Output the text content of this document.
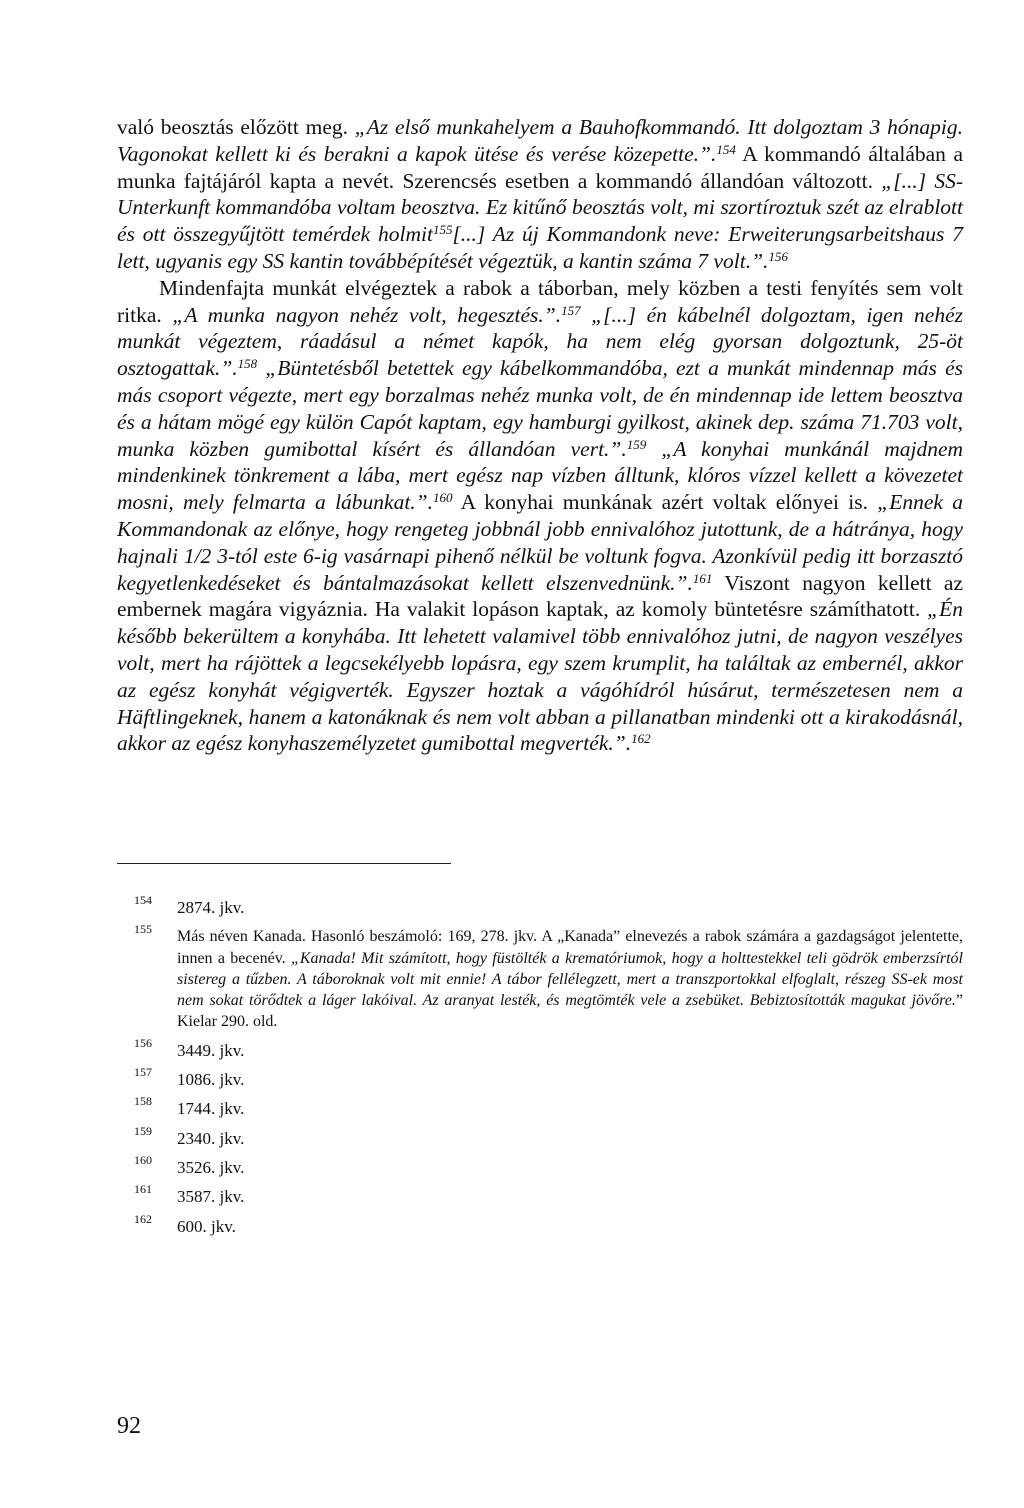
való beosztás előzött meg. „Az első munkahelyem a Bauhofkommandó. Itt dolgoztam 3 hónapig. Vagonokat kellett ki és berakni a kapok ütése és verése közepette.”.$^{154}$ A kommandó általában a munka fajtájáról kapta a nevét. Szerencsés esetben a kommandó állandóan változott. „[...] SS-Unterkunft kommandóba voltam beosztva. Ez kitűnő beosztás volt, mi szortíroztuk szét az elrablott és ott összegyűjtött temérdek holmit$^{155}$[...] Az új Kommandonk neve: Erweiterungsarbeitshaus 7 lett, ugyanis egy SS kantin továbbépítését végeztük, a kantin száma 7 volt.”.$^{156}$

Mindenfajta munkát elvégeztek a rabok a táborban, mely közben a testi fenyítés sem volt ritka. „A munka nagyon nehéz volt, hegesztés.”.$^{157}$ „[...] én kábelnél dolgoztam, igen nehéz munkát végeztem, ráadásul a német kapók, ha nem elég gyorsan dolgoztunk, 25-öt osztogattak.”.$^{158}$ „Büntetésből betettek egy kábelkommandóba, ezt a munkát mindennap más és más csoport végezte, mert egy borzalmas nehéz munka volt, de én mindennap ide lettem beosztva és a hátam mögé egy külön Capót kaptam, egy hamburgi gyilkost, akinek dep. száma 71.703 volt, munka közben gumibottal kísért és állandóan vert.”.$^{159}$ „A konyhai munkánál majdnem mindenkinek tönkrement a lába, mert egész nap vízben álltunk, klóros vízzel kellett a kövezetet mosni, mely felmarta a lábunkat.”.$^{160}$ A konyhai munkának azért voltak előnyei is. „Ennek a Kommandonak az előnye, hogy rengeteg jobbnál jobb ennivalóhoz jutottunk, de a hátránya, hogy hajnali 1/2 3-tól este 6-ig vasárnapi pihenő nélkül be voltunk fogva. Azonkívül pedig itt borzasztó kegyetlenkedéseket és bántalmazásokat kellett elszenvednünk.”.$^{161}$ Viszont nagyon kellett az embernek magára vigyáznia. Ha valakit lopáson kaptak, az komoly büntetésre számíthatott. „Én később bekerültem a konyhába. Itt lehetett valamivel több ennivalóhoz jutni, de nagyon veszélyes volt, mert ha rájöttek a legcsekélyebb lopásra, egy szem krumplit, ha találtak az embernél, akkor az egész konyhát végigverték. Egyszer hoztak a vágóhídról húsárut, természetesen nem a Häftlingeknek, hanem a katonáknak és nem volt abban a pillanatban mindenki ott a kirakodásnál, akkor az egész konyhaszemélyzetet gumibottal megverték.”.$^{162}$

154 2874. jkv.
155 Más néven Kanada. Hasonló beszámoló: 169, 278. jkv. A „Kanada” elnevezés a rabok számára a gazdagságot jelentette, innen a becenév. „Kanada! Mit számított, hogy füstölték a krematóriumok, hogy a holttestekkel teli gödrök emberzsírtól sistereg a tűzben. A táboroknak volt mit ennie! A tábor fellélegzett, mert a transzportokkal elfoglalt, részeg SS-ek most nem sokat törődtek a láger lakóival. Az aranyat lesték, és megtömték vele a zsebüket. Bebiztosították magukat jövőre.” Kielar 290. old.
156 3449. jkv.
157 1086. jkv.
158 1744. jkv.
159 2340. jkv.
160 3526. jkv.
161 3587. jkv.
162 600. jkv.
92
